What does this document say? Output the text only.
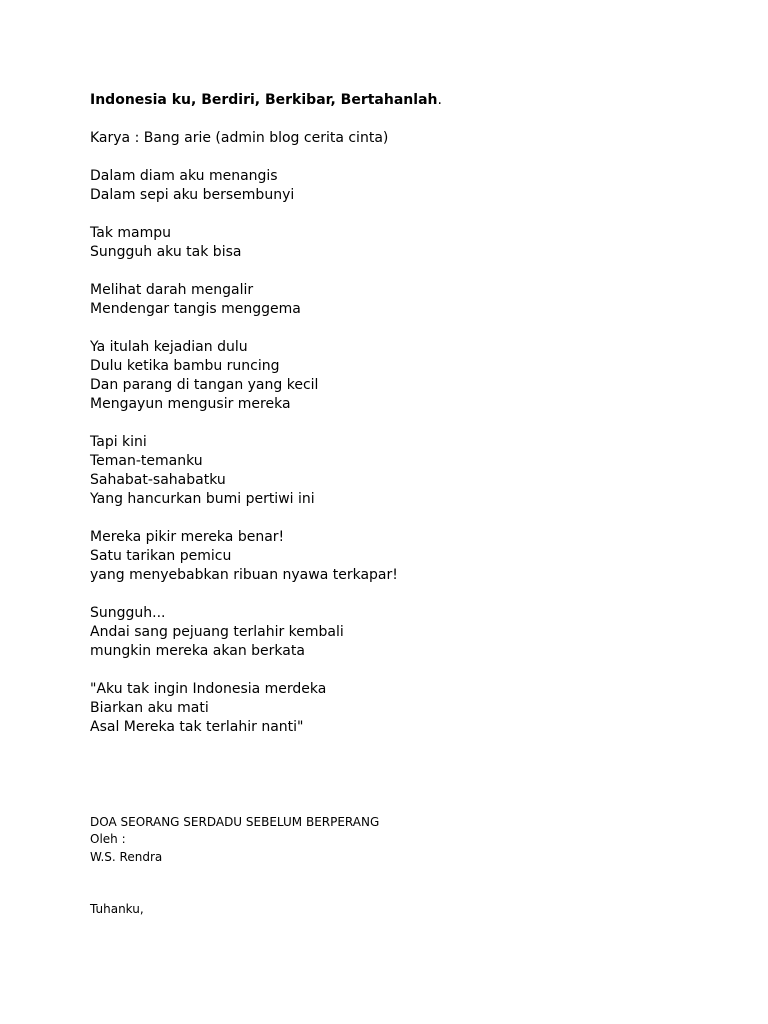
Indonesia ku, Berdiri, Berkibar, Bertahanlah.
Karya : Bang arie (admin blog cerita cinta)
Dalam diam aku menangis
Dalam sepi aku bersembunyi
Tak mampu
Sungguh aku tak bisa
Melihat darah mengalir
Mendengar tangis menggema
Ya itulah kejadian dulu
Dulu ketika bambu runcing
Dan parang di tangan yang kecil
Mengayun mengusir mereka
Tapi kini
Teman-temanku
Sahabat-sahabatku
Yang hancurkan bumi pertiwi ini
Mereka pikir mereka benar!
Satu tarikan pemicu
yang menyebabkan ribuan nyawa terkapar!
Sungguh...
Andai sang pejuang terlahir kembali
mungkin mereka akan berkata
"Aku tak ingin Indonesia merdeka
Biarkan aku mati
Asal Mereka tak terlahir nanti"
DOA SEORANG SERDADU SEBELUM BERPERANG
Oleh :
W.S. Rendra
Tuhanku,
